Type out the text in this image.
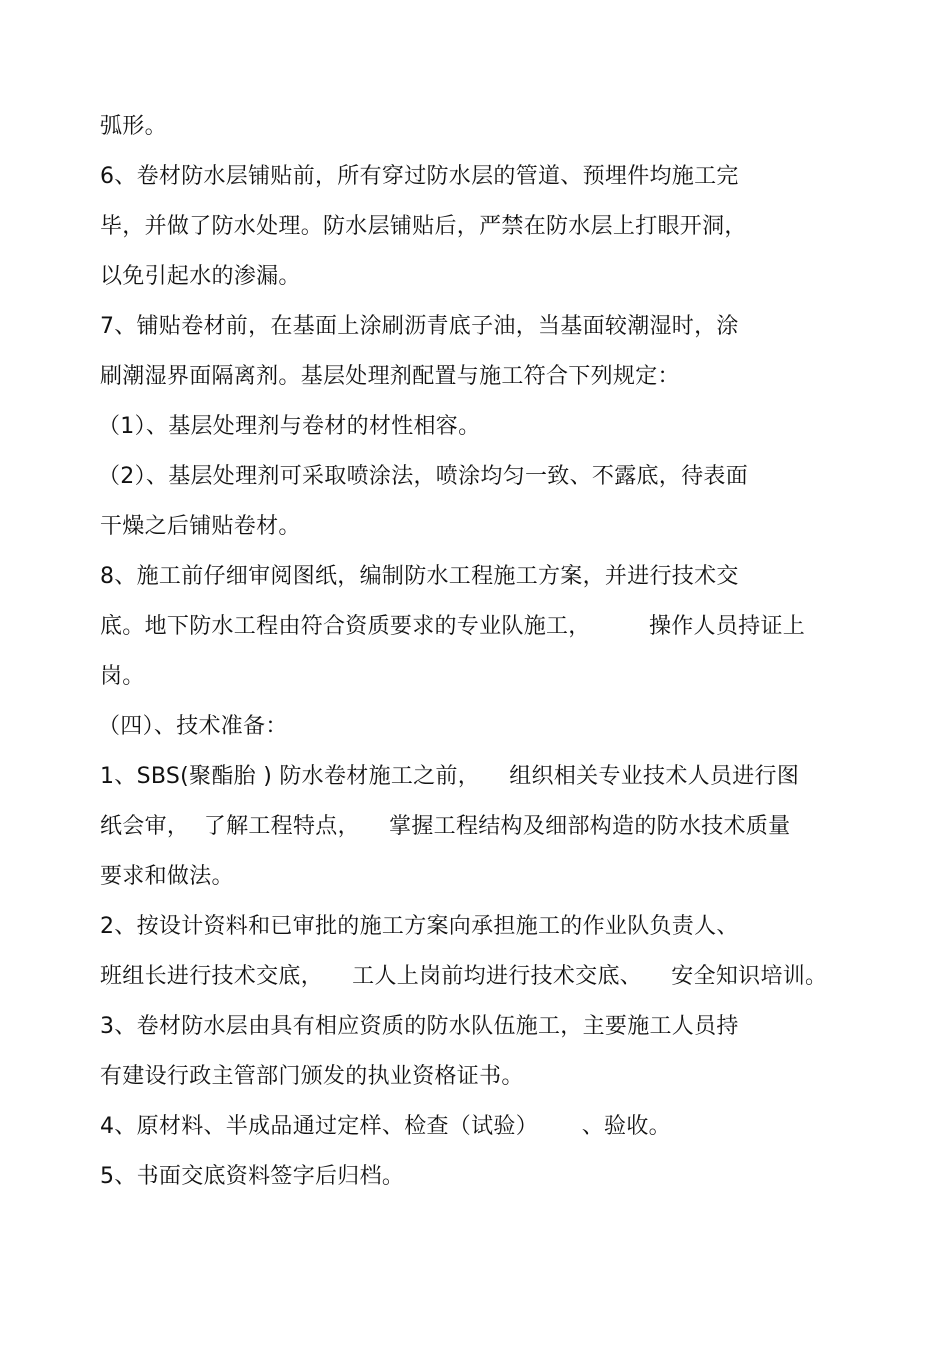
弧形。
6、卷材防水层铺贴前，所有穿过防水层的管道、预埋件均施工完
毕，并做了防水处理。防水层铺贴后，严禁在防水层上打眼开洞，
以免引起水的渗漏。
7、铺贴卷材前，在基面上涂刷沥青底子油，当基面较潮湿时，涂
刷潮湿界面隔离剂。基层处理剂配置与施工符合下列规定：
（1）、基层处理剂与卷材的材性相容。
（2）、基层处理剂可采取喷涂法，喷涂均匀一致、不露底，待表面
干燥之后铺贴卷材。
8、施工前仔细审阅图纸，编制防水工程施工方案，并进行技术交
底。地下防水工程由符合资质要求的专业队施工，        操作人员持证上
岗。
（四）、技术准备：
1、SBS(聚酯胎 ) 防水卷材施工之前，    组织相关专业技术人员进行图
纸会审，  了解工程特点，    掌握工程结构及细部构造的防水技术质量
要求和做法。
2、按设计资料和已审批的施工方案向承担施工的作业队负责人、
班组长进行技术交底，    工人上岗前均进行技术交底、    安全知识培训。
3、卷材防水层由具有相应资质的防水队伍施工，主要施工人员持
有建设行政主管部门颁发的执业资格证书。
4、原材料、半成品通过定样、检查（试验）      、验收。
5、书面交底资料签字后归档。
